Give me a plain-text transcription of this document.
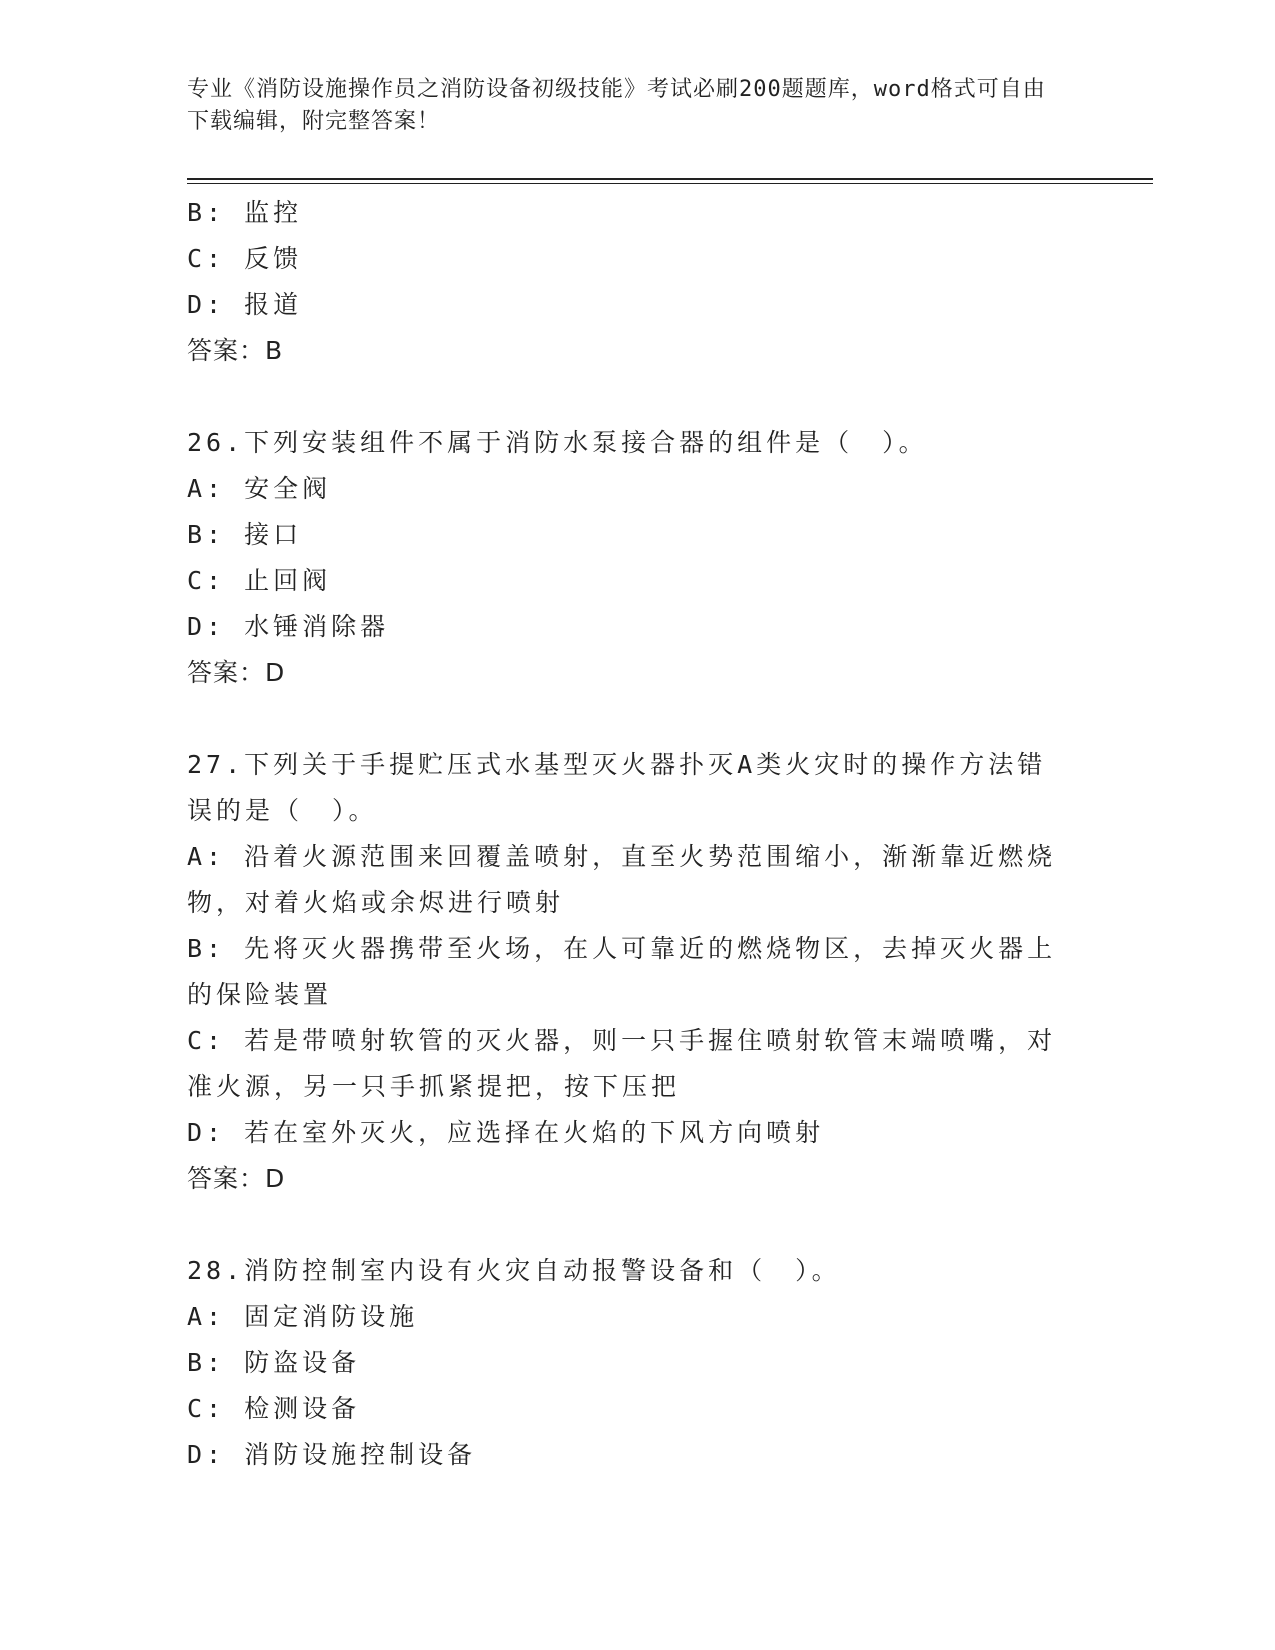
专业《消防设施操作员之消防设备初级技能》考试必刷200题题库，word格式可自由下载编辑，附完整答案！
B: 监控
C: 反馈
D: 报道
答案：B
26.下列安装组件不属于消防水泵接合器的组件是（　）。
A: 安全阀
B: 接口
C: 止回阀
D: 水锤消除器
答案：D
27.下列关于手提贮压式水基型灭火器扑灭A类火灾时的操作方法错误的是（　）。
A: 沿着火源范围来回覆盖喷射，直至火势范围缩小，渐渐靠近燃烧物，对着火焰或余烬进行喷射
B: 先将灭火器携带至火场，在人可靠近的燃烧物区，去掉灭火器上的保险装置
C: 若是带喷射软管的灭火器，则一只手握住喷射软管末端喷嘴，对准火源，另一只手抓紧提把，按下压把
D: 若在室外灭火，应选择在火焰的下风方向喷射
答案：D
28.消防控制室内设有火灾自动报警设备和（　）。
A: 固定消防设施
B: 防盗设备
C: 检测设备
D: 消防设施控制设备
